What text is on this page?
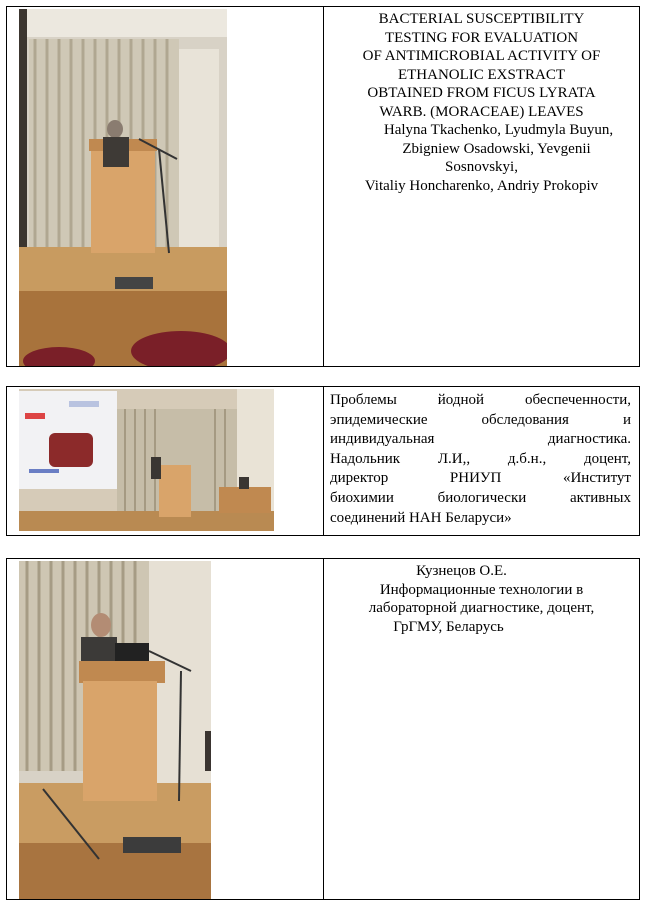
BACTERIAL SUSCEPTIBILITY
TESTING FOR EVALUATION
OF ANTIMICROBIAL ACTIVITY OF
ETHANOLIC EXSTRACT
OBTAINED FROM FICUS LYRATA
WARB. (MORACEAE) LEAVES
Halyna Tkachenko, Lyudmyla Buyun,
Zbigniew Osadowski, Yevgenii
Sosnovskyi,
Vitaliy Honcharenko, Andriy Prokopiv
Проблемы йодной обеспеченности,
эпидемические обследования и
индивидуальная диагностика.
Надольник Л.И,, д.б.н., доцент,
директор РНИУП «Институт
биохимии биологически активных
соединений НАН Беларуси»
Кузнецов О.Е.
Информационные технологии в
лабораторной диагностике, доцент,
ГрГМУ, Беларусь
